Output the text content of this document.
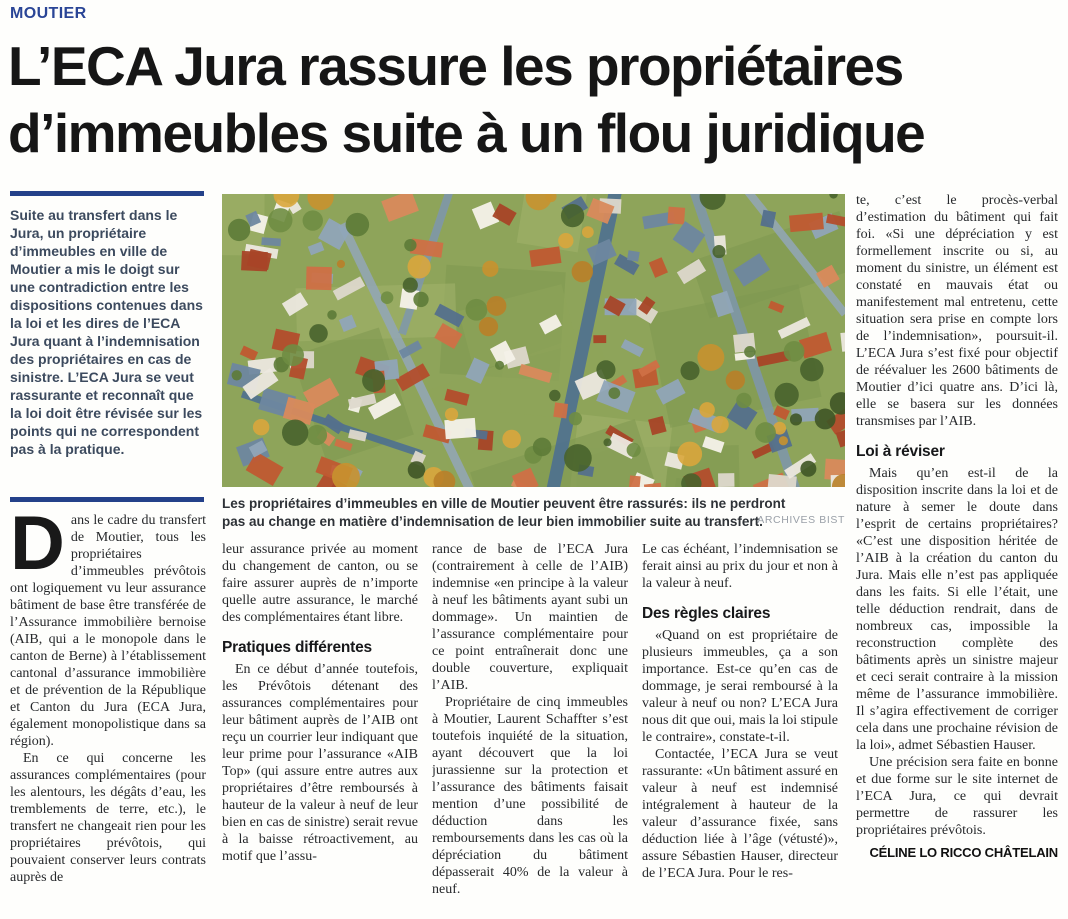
MOUTIER
L’ECA Jura rassure les propriétaires
d’immeubles suite à un flou juridique
Suite au transfert dans le Jura, un propriétaire d’immeubles en ville de Moutier a mis le doigt sur une contradiction entre les dispositions contenues dans la loi et les dires de l’ECA Jura quant à l’indemnisation des propriétaires en cas de sinistre. L’ECA Jura se veut rassurante et reconnaît que la loi doit être révisée sur les points qui ne correspondent pas à la pratique.
Les propriétaires d’immeubles en ville de Moutier peuvent être rassurés: ils ne perdront pas au change en matière d’indemnisation de leur bien immobilier suite au transfert.
ARCHIVES BIST

Dans le cadre du transfert de Moutier, tous les propriétaires d’immeubles prévôtois ont logiquement vu leur assurance bâtiment de base être transférée de l’Assurance immobilière bernoise (AIB, qui a le monopole dans le canton de Berne) à l’établissement cantonal d’assurance immobilière et de prévention de la République et Canton du Jura (ECA Jura, également monopolistique dans sa région).

En ce qui concerne les assurances complémentaires (pour les alentours, les dégâts d’eau, les tremblements de terre, etc.), le transfert ne changeait rien pour les propriétaires prévôtois, qui pouvaient conserver leurs contrats auprès de

leur assurance privée au moment du changement de canton, ou se faire assurer auprès de n’importe quelle autre assurance, le marché des complémentaires étant libre.

Pratiques différentes

En ce début d’année toutefois, les Prévôtois détenant des assurances complémentaires pour leur bâtiment auprès de l’AIB ont reçu un courrier leur indiquant que leur prime pour l’assurance «AIB Top» (qui assure entre autres aux propriétaires d’être remboursés à hauteur de la valeur à neuf de leur bien en cas de sinistre) serait revue à la baisse rétroactivement, au motif que l’assu-

rance de base de l’ECA Jura (contrairement à celle de l’AIB) indemnise «en principe à la valeur à neuf les bâtiments ayant subi un dommage». Un maintien de l’assurance complémentaire pour ce point entraînerait donc une double couverture, expliquait l’AIB.

Propriétaire de cinq immeubles à Moutier, Laurent Schaffter s’est toutefois inquiété de la situation, ayant découvert que la loi jurassienne sur la protection et l’assurance des bâtiments faisait mention d’une possibilité de déduction dans les remboursements dans les cas où la dépréciation du bâtiment dépasserait 40% de la valeur à neuf.

Le cas échéant, l’indemnisation se ferait ainsi au prix du jour et non à la valeur à neuf.

Des règles claires

«Quand on est propriétaire de plusieurs immeubles, ça a son importance. Est-ce qu’en cas de dommage, je serai remboursé à la valeur à neuf ou non? L’ECA Jura nous dit que oui, mais la loi stipule le contraire», constate-t-il.

Contactée, l’ECA Jura se veut rassurante: «Un bâtiment assuré en valeur à neuf est indemnisé intégralement à hauteur de la valeur d’assurance fixée, sans déduction liée à l’âge (vétusté)», assure Sébastien Hauser, directeur de l’ECA Jura. Pour le res-

te, c’est le procès-verbal d’estimation du bâtiment qui fait foi. «Si une dépréciation y est formellement inscrite ou si, au moment du sinistre, un élément est constaté en mauvais état ou manifestement mal entretenu, cette situation sera prise en compte lors de l’indemnisation», poursuit-il. L’ECA Jura s’est fixé pour objectif de réévaluer les 2600 bâtiments de Moutier d’ici quatre ans. D’ici là, elle se basera sur les données transmises par l’AIB.

Loi à réviser

Mais qu’en est-il de la disposition inscrite dans la loi et de nature à semer le doute dans l’esprit de certains propriétaires? «C’est une disposition héritée de l’AIB à la création du canton du Jura. Mais elle n’est pas appliquée dans les faits. Si elle l’était, une telle déduction rendrait, dans de nombreux cas, impossible la reconstruction complète des bâtiments après un sinistre majeur et ceci serait contraire à la mission même de l’assurance immobilière. Il s’agira effectivement de corriger cela dans une prochaine révision de la loi», admet Sébastien Hauser.

Une précision sera faite en bonne et due forme sur le site internet de l’ECA Jura, ce qui devrait permettre de rassurer les propriétaires prévôtois.

CÉLINE LO RICCO CHÂTELAIN
